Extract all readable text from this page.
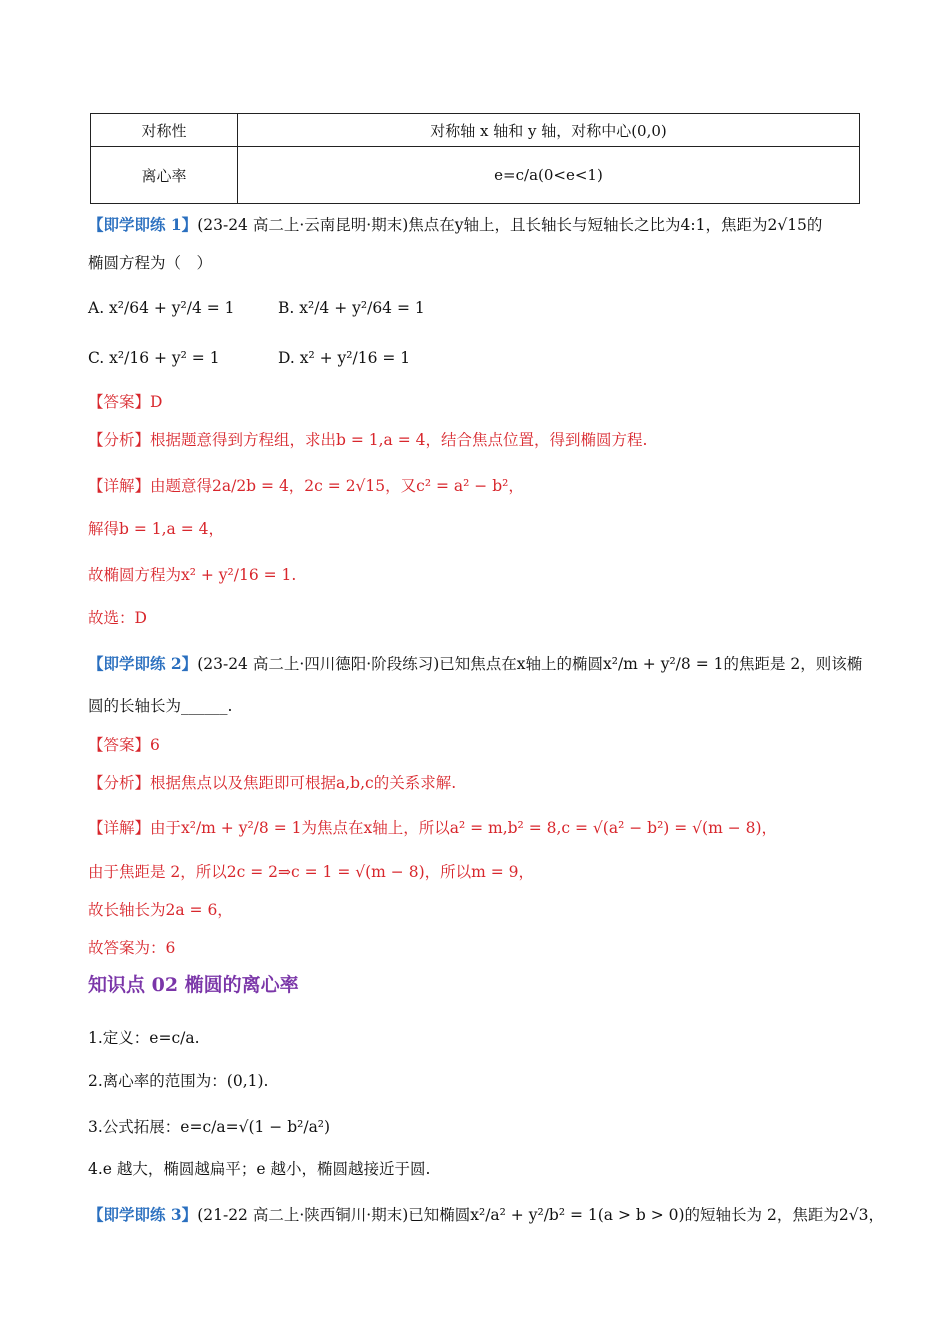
对称性	对称轴 x 轴和 y 轴，对称中心(0,0)
离心率	e=c/a(0<e<1)
【即学即练 1】(23-24 高二上·云南昆明·期末)焦点在y轴上，且长轴长与短轴长之比为4:1，焦距为2√15的
椭圆方程为（　）
A. x²/64 + y²/4 = 1	B. x²/4 + y²/64 = 1
C. x²/16 + y² = 1	D. x² + y²/16 = 1
【答案】D
【分析】根据题意得到方程组，求出b = 1,a = 4，结合焦点位置，得到椭圆方程.
【详解】由题意得2a/2b = 4，2c = 2√15，又c² = a² − b²，
解得b = 1,a = 4，
故椭圆方程为x² + y²/16 = 1.
故选：D
【即学即练 2】(23-24 高二上·四川德阳·阶段练习)已知焦点在x轴上的椭圆x²/m + y²/8 = 1的焦距是 2，则该椭
圆的长轴长为______.
【答案】6
【分析】根据焦点以及焦距即可根据a,b,c的关系求解.
【详解】由于x²/m + y²/8 = 1为焦点在x轴上，所以a² = m,b² = 8,c = √(a² − b²) = √(m − 8)，
由于焦距是 2，所以2c = 2⇒c = 1 = √(m − 8)，所以m = 9，
故长轴长为2a = 6，
故答案为：6
知识点 02 椭圆的离心率
1.定义：e=c/a.
2.离心率的范围为：(0,1).
3.公式拓展：e=c/a=√(1 − b²/a²)
4.e 越大，椭圆越扁平；e 越小，椭圆越接近于圆.
【即学即练 3】(21-22 高二上·陕西铜川·期末)已知椭圆x²/a² + y²/b² = 1(a > b > 0)的短轴长为 2，焦距为2√3，
